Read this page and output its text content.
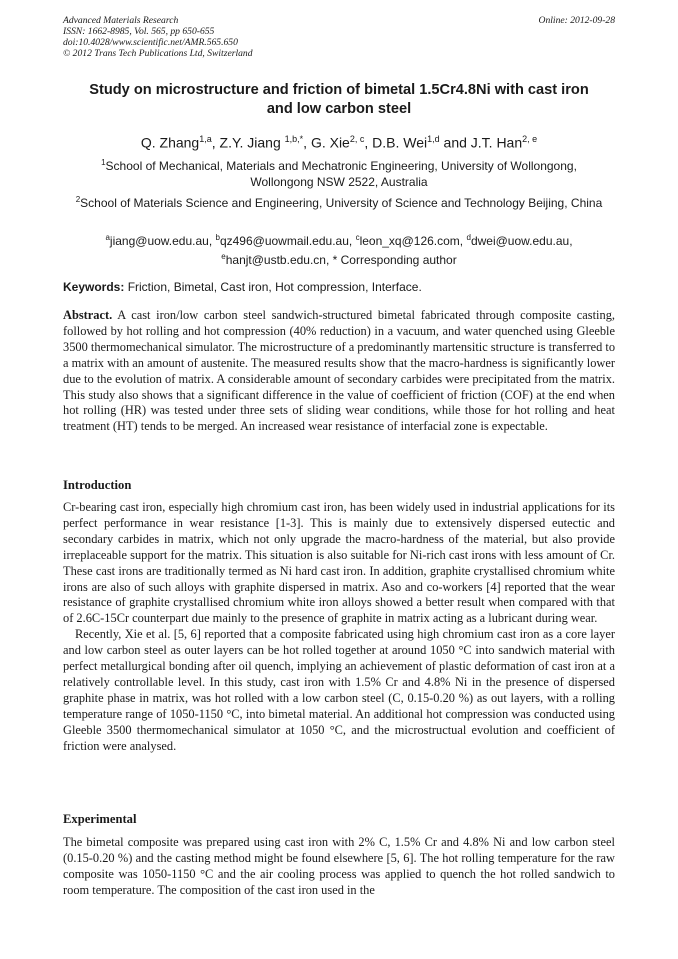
Advanced Materials Research
ISSN: 1662-8985, Vol. 565, pp 650-655
doi:10.4028/www.scientific.net/AMR.565.650
© 2012 Trans Tech Publications Ltd, Switzerland
Online: 2012-09-28
Study on microstructure and friction of bimetal 1.5Cr4.8Ni with cast iron
and low carbon steel
Q. Zhang$^{1,a}$, Z.Y. Jiang $^{1,b,*}$, G. Xie$^{2, c}$, D.B. Wei$^{1,d}$ and J.T. Han$^{2, e}$
$^1$School of Mechanical, Materials and Mechatronic Engineering, University of Wollongong, Wollongong NSW 2522, Australia
$^2$School of Materials Science and Engineering, University of Science and Technology Beijing, China
$^a$jiang@uow.edu.au, $^b$qz496@uowmail.edu.au, $^c$leon_xq@126.com, $^d$dwei@uow.edu.au,
$^e$hanjt@ustb.edu.cn, * Corresponding author
Keywords: Friction, Bimetal, Cast iron, Hot compression, Interface.

Abstract. A cast iron/low carbon steel sandwich-structured bimetal fabricated through composite casting, followed by hot rolling and hot compression (40% reduction) in a vacuum, and water quenched using Gleeble 3500 thermomechanical simulator. The microstructure of a predominantly martensitic structure is transferred to a matrix with an amount of austenite. The measured results show that the macro-hardness is significantly lower due to the evolution of matrix. A considerable amount of secondary carbides were precipitated from the matrix. This study also shows that a significant difference in the value of coefficient of friction (COF) at the end when hot rolling (HR) was tested under three sets of sliding wear conditions, while those for hot rolling and heat treatment (HT) tends to be merged. An increased wear resistance of interfacial zone is expectable.

Introduction

Cr-bearing cast iron, especially high chromium cast iron, has been widely used in industrial applications for its perfect performance in wear resistance [1-3]. This is mainly due to extensively dispersed eutectic and secondary carbides in matrix, which not only upgrade the macro-hardness of the material, but also provide irreplaceable support for the matrix. This situation is also suitable for Ni-rich cast irons with less amount of Cr. These cast irons are traditionally termed as Ni hard cast iron. In addition, graphite crystallised chromium white irons are also of such alloys with graphite dispersed in matrix. Aso and co-workers [4] reported that the wear resistance of graphite crystallised chromium white iron alloys showed a better result when compared with that of 2.6C-15Cr counterpart due mainly to the presence of graphite in matrix acting as a lubricant during wear.

Recently, Xie et al. [5, 6] reported that a composite fabricated using high chromium cast iron as a core layer and low carbon steel as outer layers can be hot rolled together at around 1050 °C into sandwich material with perfect metallurgical bonding after oil quench, implying an achievement of plastic deformation of cast iron at a relatively controllable level. In this study, cast iron with 1.5% Cr and 4.8% Ni in the presence of dispersed graphite phase in matrix, was hot rolled with a low carbon steel (C, 0.15-0.20 %) as out layers, with a rolling temperature range of 1050-1150 °C, into bimetal material. An additional hot compression was conducted using Gleeble 3500 thermomechanical simulator at 1050 °C, and the microstructual evolution and coefficient of friction were analysed.

Experimental

The bimetal composite was prepared using cast iron with 2% C, 1.5% Cr and 4.8% Ni and low carbon steel (0.15-0.20 %) and the casting method might be found elsewhere [5, 6]. The hot rolling temperature for the raw composite was 1050-1150 °C and the air cooling process was applied to quench the hot rolled sandwich to room temperature. The composition of the cast iron used in the
